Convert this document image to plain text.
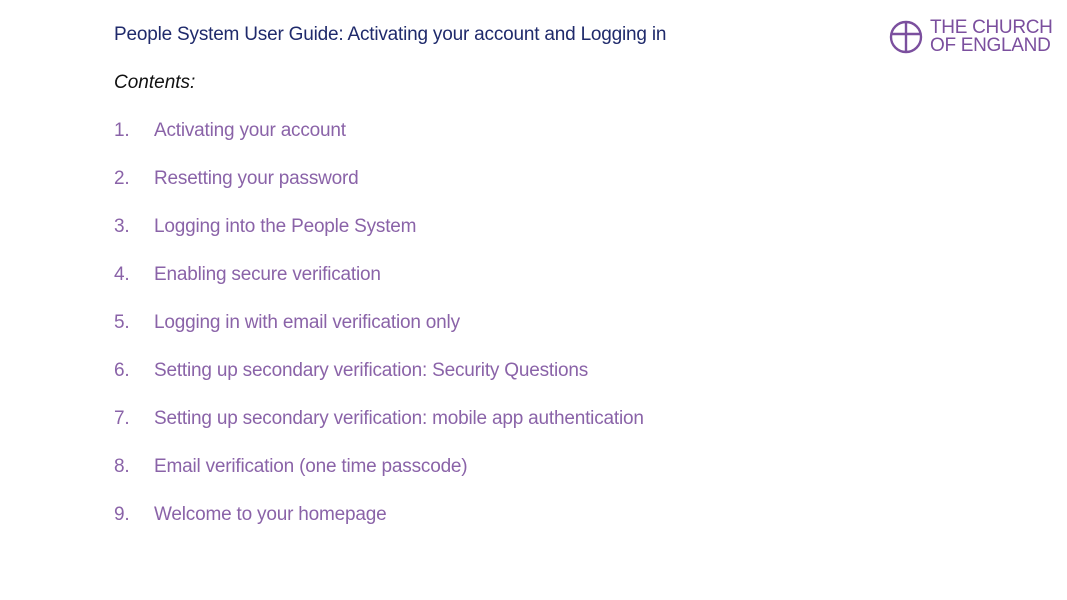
People System User Guide: Activating your account and Logging in	THE CHURCH
OF ENGLAND
Contents:
1.	Activating your account
2.	Resetting your password
3.	Logging into the People System
4.	Enabling secure verification
5.	Logging in with email verification only
6.	Setting up secondary verification: Security Questions
7.	Setting up secondary verification: mobile app authentication
8.	Email verification (one time passcode)
9.	Welcome to your homepage
